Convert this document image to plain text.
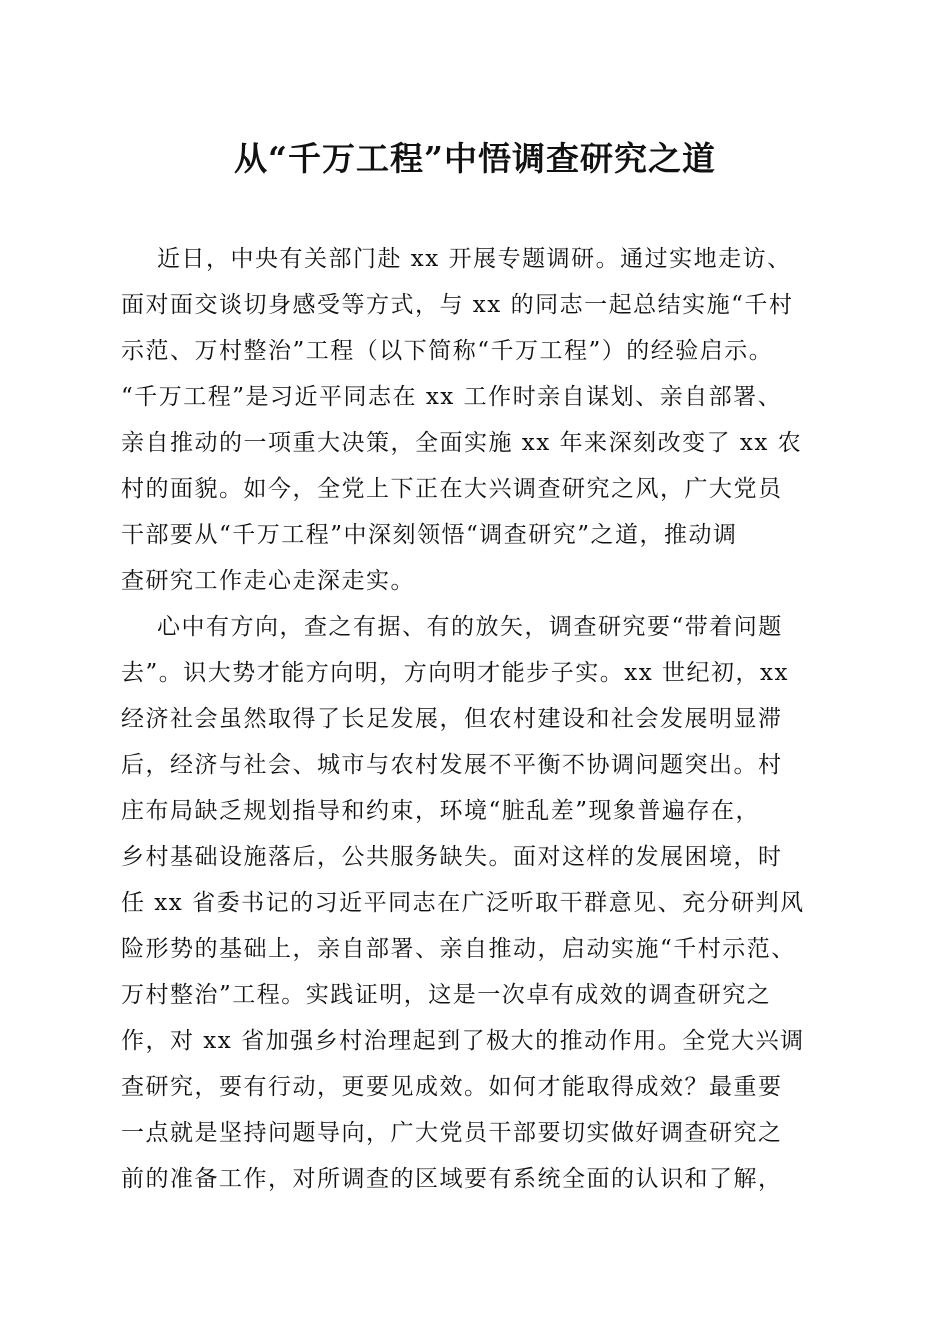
从“千万工程”中悟调查研究之道
近日，中央有关部门赴 xx 开展专题调研。通过实地走访、
面对面交谈切身感受等方式，与 xx 的同志一起总结实施“千村
示范、万村整治”工程（以下简称“千万工程”）的经验启示。
“千万工程”是习近平同志在 xx 工作时亲自谋划、亲自部署、
亲自推动的一项重大决策，全面实施 xx 年来深刻改变了 xx 农
村的面貌。如今，全党上下正在大兴调查研究之风，广大党员
干部要从“千万工程”中深刻领悟“调查研究”之道，推动调
查研究工作走心走深走实。
心中有方向，查之有据、有的放矢，调查研究要“带着问题
去”。识大势才能方向明，方向明才能步子实。xx 世纪初，xx
经济社会虽然取得了长足发展，但农村建设和社会发展明显滞
后，经济与社会、城市与农村发展不平衡不协调问题突出。村
庄布局缺乏规划指导和约束，环境“脏乱差”现象普遍存在，
乡村基础设施落后，公共服务缺失。面对这样的发展困境，时
任 xx 省委书记的习近平同志在广泛听取干群意见、充分研判风
险形势的基础上，亲自部署、亲自推动，启动实施“千村示范、
万村整治”工程。实践证明，这是一次卓有成效的调查研究之
作，对 xx 省加强乡村治理起到了极大的推动作用。全党大兴调
查研究，要有行动，更要见成效。如何才能取得成效？最重要
一点就是坚持问题导向，广大党员干部要切实做好调查研究之
前的准备工作，对所调查的区域要有系统全面的认识和了解，
